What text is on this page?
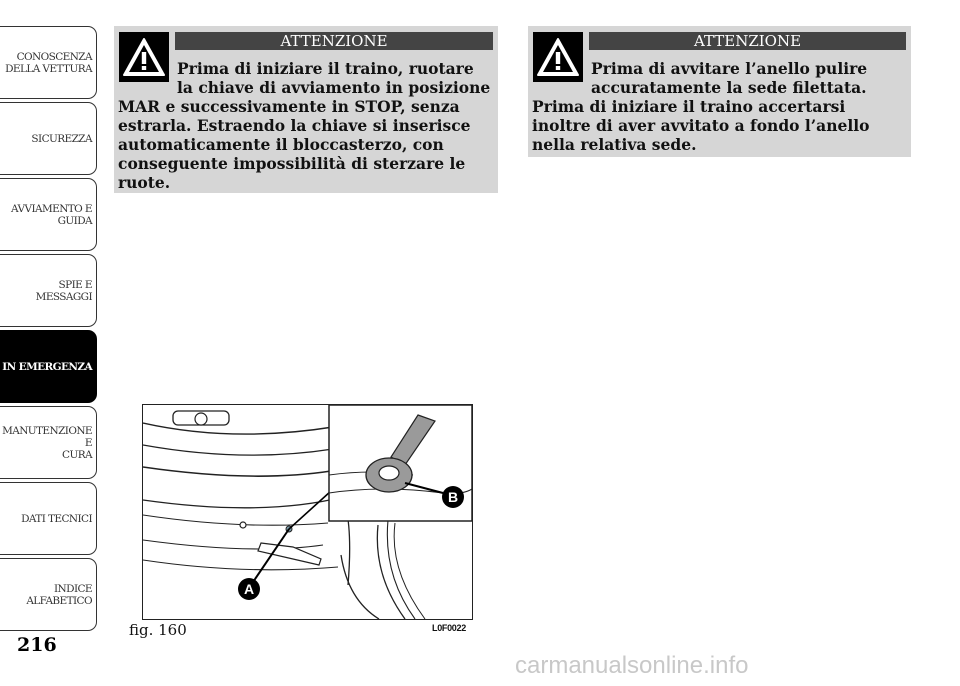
CONOSCENZA
DELLA VETTURA
SICUREZZA
AVVIAMENTO E
GUIDA
SPIE E MESSAGGI
IN EMERGENZA
MANUTENZIONE E
CURA
DATI TECNICI
INDICE
ALFABETICO
216
ATTENZIONE
Prima di iniziare il traino, ruotare la chiave di avviamento in posizione
MAR e successivamente in STOP, senza estrarla. Estraendo la chiave si inserisce automaticamente il bloccasterzo, con conseguente impossibilità di sterzare le ruote.
ATTENZIONE
Prima di avvitare l’anello pulire accuratamente la sede filettata.
Prima di iniziare il traino accertarsi inoltre di aver avvitato a fondo l’anello nella relativa sede.
A
B
fig. 160	L0F0022
carmanualsonline.info
